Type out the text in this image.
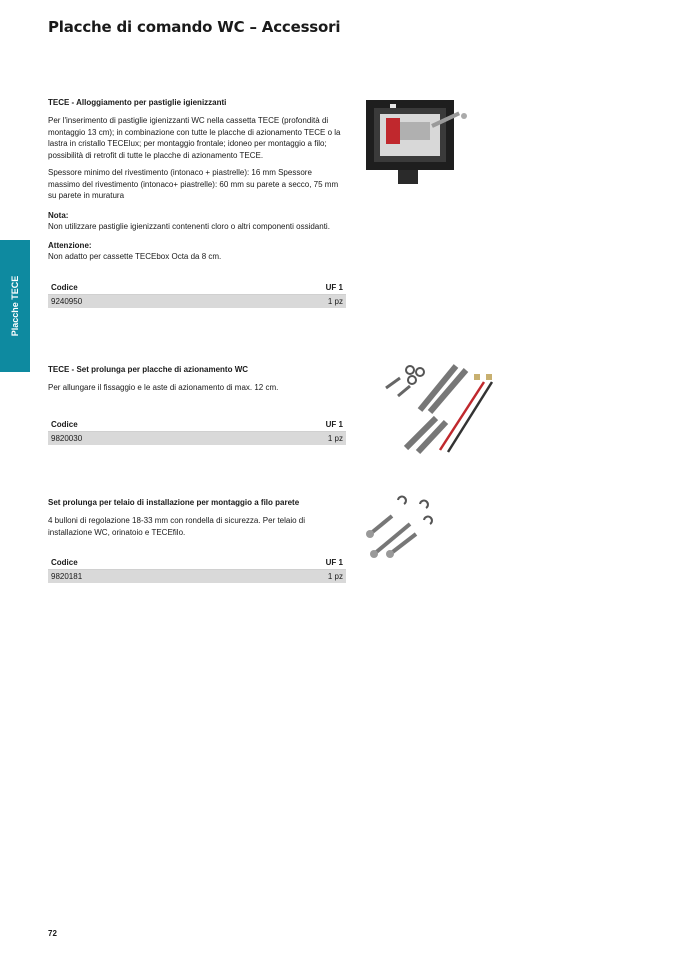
Placche di comando WC – Accessori
Placche TECE
TECE - Alloggiamento per pastiglie igienizzanti

Per l'inserimento di pastiglie igienizzanti WC nella cassetta TECE (profondità di montaggio 13 cm); in combinazione con tutte le placche di azionamento TECE o la lastra in cristallo TECElux; per montaggio frontale; idoneo per montaggio a filo; possibilità di retrofit di tutte le placche di azionamento TECE.

Spessore minimo del rivestimento (intonaco + piastrelle): 16 mm Spessore massimo del rivestimento (intonaco+ piastrelle): 60 mm su parete a secco, 75 mm su parete in muratura

Nota:

Non utilizzare pastiglie igienizzanti contenenti cloro o altri componenti ossidanti.

Attenzione:

Non adatto per cassette TECEbox Octa da 8 cm.

Codice	UF 1
9240950	1 pz
TECE - Set prolunga per placche di azionamento WC

Per allungare il fissaggio e le aste di azionamento di max. 12 cm.

Codice	UF 1
9820030	1 pz
Set prolunga per telaio di installazione per montaggio a filo parete

4 bulloni di regolazione 18-33 mm con rondella di sicurezza. Per telaio di installazione WC, orinatoio e TECEfilo.

Codice	UF 1
9820181	1 pz
72
